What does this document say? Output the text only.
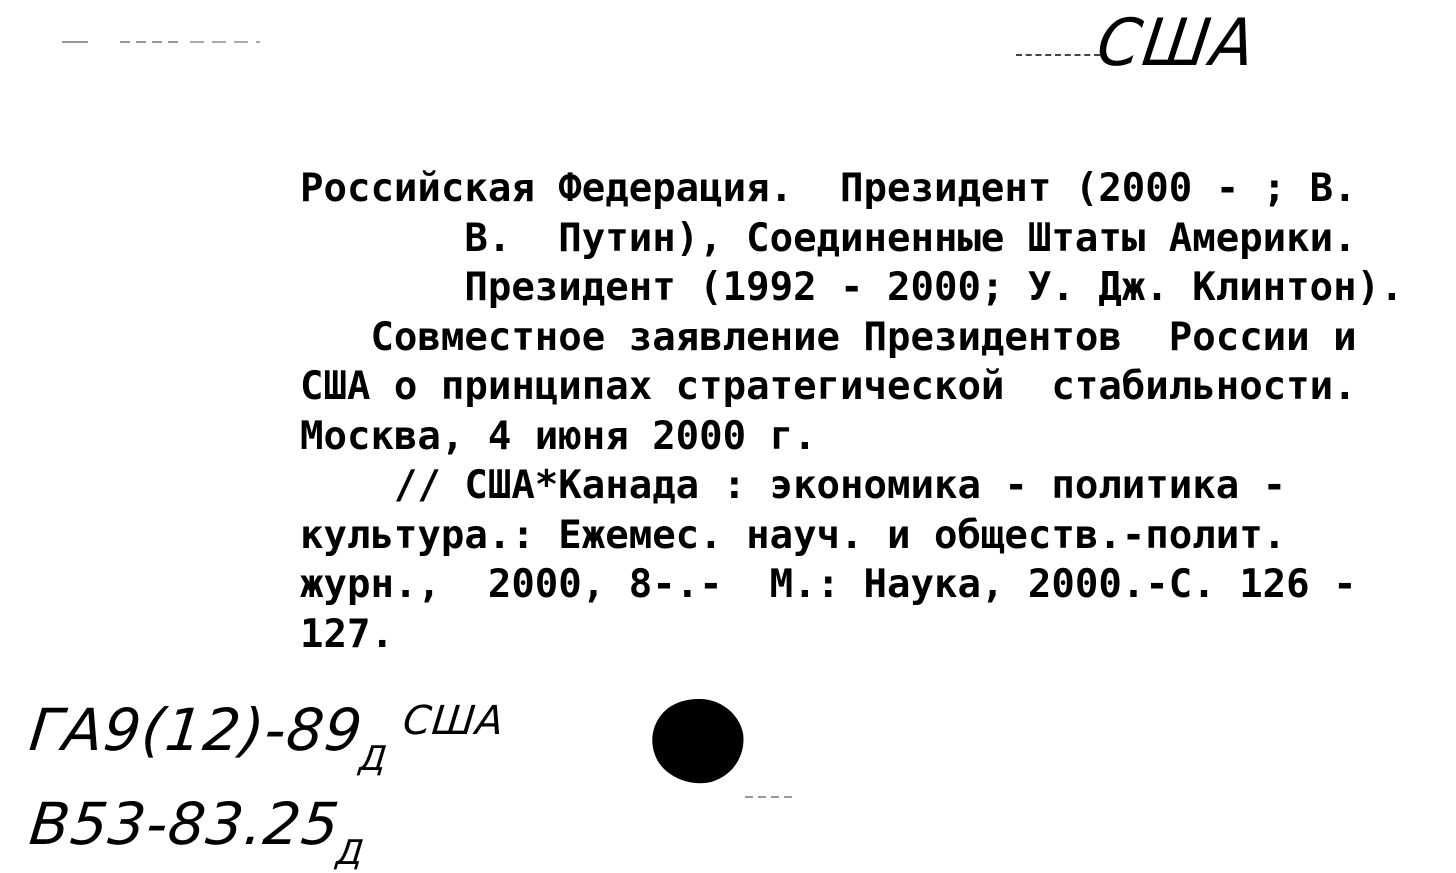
США
Российская Федерация.  Президент (2000 - ; В.
В.  Путин), Соединенные Штаты Америки.
Президент (1992 - 2000; У. Дж. Клинтон).
Совместное заявление Президентов  России и
США о принципах стратегической  стабильности.
Москва, 4 июня 2000 г.
// США*Канада : экономика - политика -
культура.: Ежемес. науч. и обществ.-полит.
журн.,  2000, 8-.-  М.: Наука, 2000.-С. 126 -
127.
$ГА9(12)-89_Д^{США}$
$В53-83.25_Д$
